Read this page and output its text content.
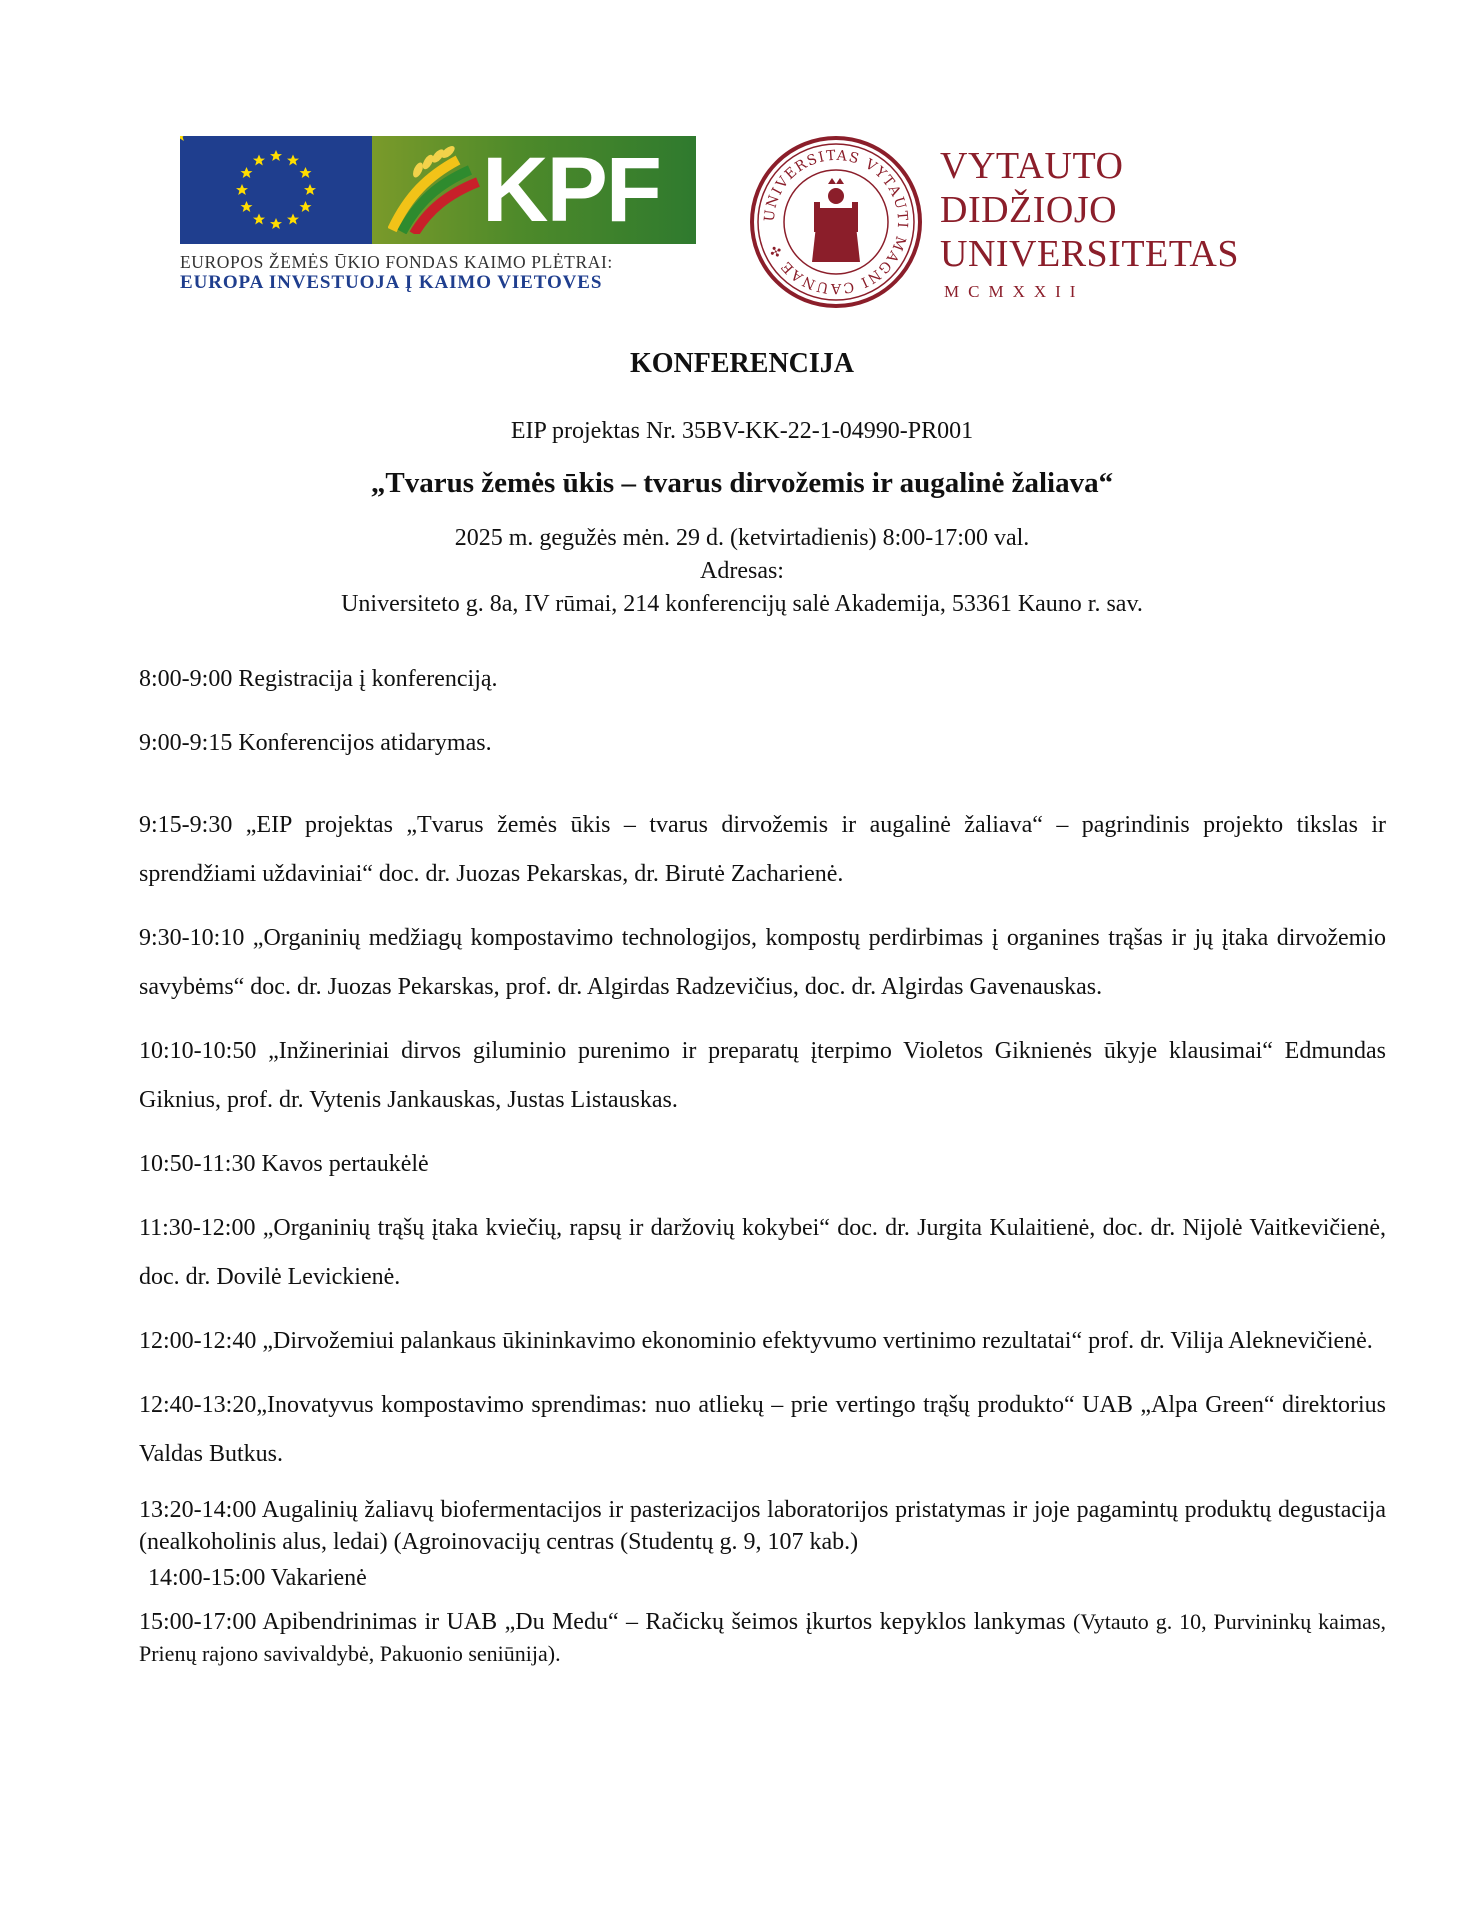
KPF
EUROPOS ŽEMĖS ŪKIO FONDAS KAIMO PLĖTRAI:
EUROPA INVESTUOJA Į KAIMO VIETOVES
UNIVERSITAS VYTAUTI MAGNI CAUNAE ✣
VYTAUTO
DIDŽIOJO
UNIVERSITETAS
MCMXXII
KONFERENCIJA
EIP projektas Nr. 35BV-KK-22-1-04990-PR001
„Tvarus žemės ūkis – tvarus dirvožemis ir augalinė žaliava“
2025 m. gegužės mėn. 29 d. (ketvirtadienis) 8:00-17:00 val.
Adresas:
Universiteto g. 8a, IV rūmai, 214 konferencijų salė Akademija, 53361 Kauno r. sav.
8:00-9:00 Registracija į konferenciją.
9:00-9:15 Konferencijos atidarymas.
9:15-9:30 „EIP projektas „Tvarus žemės ūkis – tvarus dirvožemis ir augalinė žaliava“ – pagrindinis projekto tikslas ir sprendžiami uždaviniai“ doc. dr. Juozas Pekarskas, dr. Birutė Zacharienė.
9:30-10:10 „Organinių medžiagų kompostavimo technologijos, kompostų perdirbimas į organines trąšas ir jų įtaka dirvožemio savybėms“ doc. dr. Juozas Pekarskas, prof. dr. Algirdas Radzevičius, doc. dr. Algirdas Gavenauskas.
10:10-10:50 „Inžineriniai dirvos giluminio purenimo ir preparatų įterpimo Violetos Giknienės ūkyje klausimai“ Edmundas Giknius, prof. dr. Vytenis Jankauskas, Justas Listauskas.
10:50-11:30 Kavos pertaukėlė
11:30-12:00 „Organinių trąšų įtaka kviečių, rapsų ir daržovių kokybei“ doc. dr. Jurgita Kulaitienė, doc. dr. Nijolė Vaitkevičienė, doc. dr. Dovilė Levickienė.
12:00-12:40 „Dirvožemiui palankaus ūkininkavimo ekonominio efektyvumo vertinimo rezultatai“ prof. dr. Vilija Aleknevičienė.
12:40-13:20„Inovatyvus kompostavimo sprendimas: nuo atliekų – prie vertingo trąšų produkto“ UAB „Alpa Green“ direktorius Valdas Butkus.
13:20-14:00 Augalinių žaliavų biofermentacijos ir pasterizacijos laboratorijos pristatymas ir joje pagamintų produktų degustacija (nealkoholinis alus, ledai) (Agroinovacijų centras (Studentų g. 9, 107 kab.)
14:00-15:00 Vakarienė
15:00-17:00 Apibendrinimas ir UAB „Du Medu“ – Račickų šeimos įkurtos kepyklos lankymas (Vytauto g. 10, Purvininkų kaimas, Prienų rajono savivaldybė, Pakuonio seniūnija).
